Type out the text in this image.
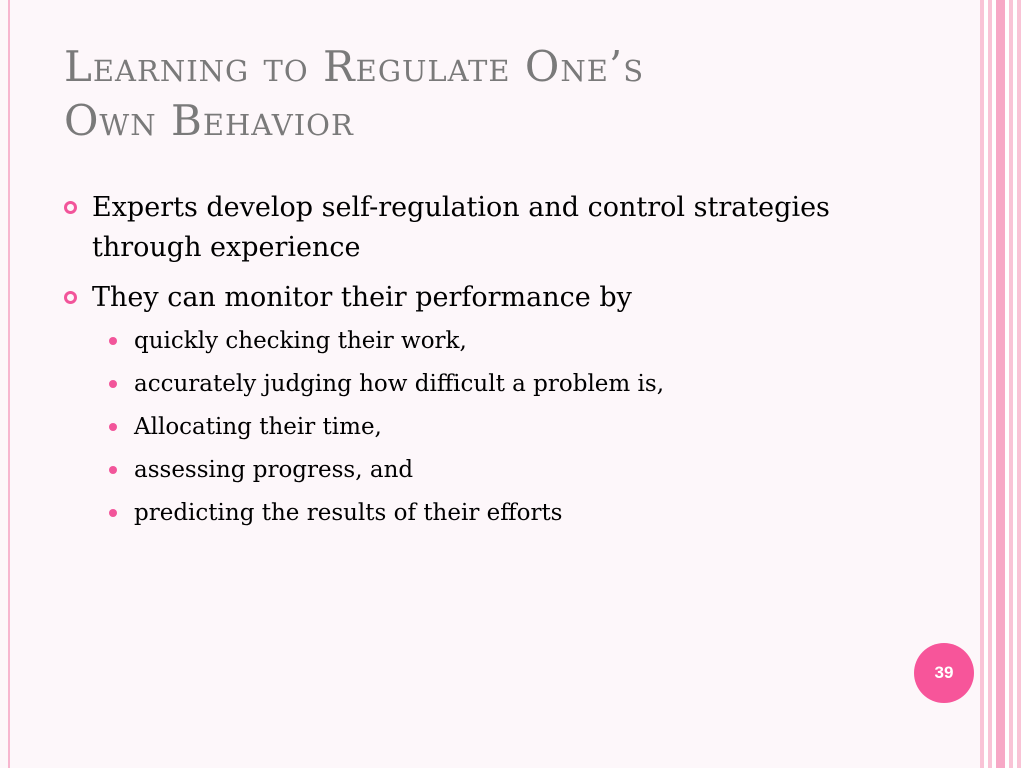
Learning to Regulate One’s
Own Behavior
Experts develop self-regulation and control strategies through experience
They can monitor their performance by
quickly checking their work,
accurately judging how difficult a problem is,
Allocating their time,
assessing progress, and
predicting the results of their efforts
39
